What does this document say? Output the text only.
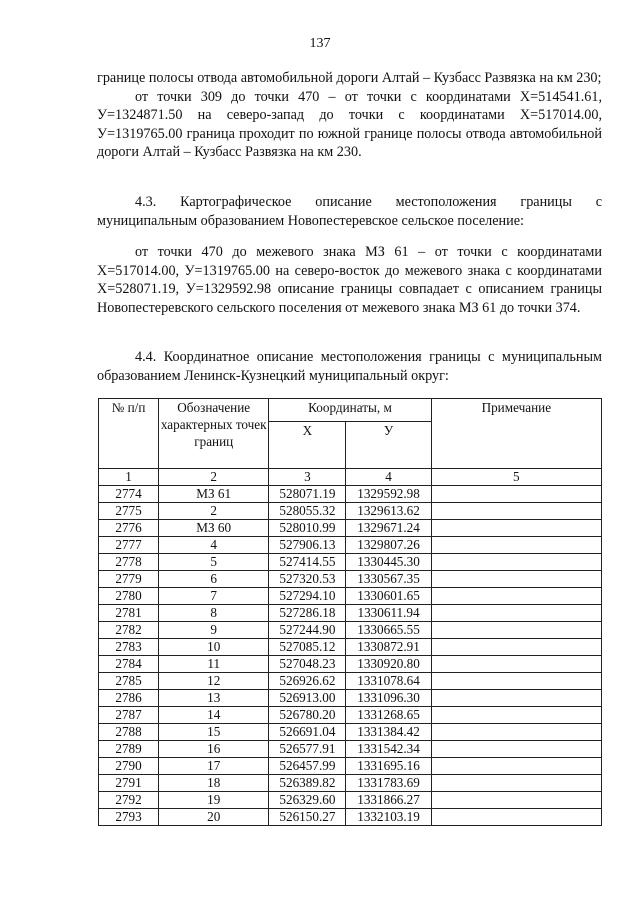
137

границе полосы отвода автомобильной дороги Алтай – Кузбасс Развязка на км 230;

от точки 309 до точки 470 – от точки с координатами X=514541.61, У=1324871.50 на северо-запад до точки с координатами X=517014.00, У=1319765.00 граница проходит по южной границе полосы отвода автомобильной дороги Алтай – Кузбасс Развязка на км 230.

4.3. Картографическое описание местоположения границы с муниципальным образованием Новопестеревское сельское поселение:

от точки 470 до межевого знака МЗ 61 – от точки с координатами X=517014.00, У=1319765.00 на северо-восток до межевого знака с координатами X=528071.19, У=1329592.98 описание границы совпадает с описанием границы Новопестеревского сельского поселения от межевого знака МЗ 61 до точки 374.

4.4. Координатное описание местоположения границы с муниципальным образованием Ленинск-Кузнецкий муниципальный округ:

№ п/п	Обозначение характерных точек границ	Координаты, м		Примечание
		X	У	
1	2	3	4	5
2774	МЗ 61	528071.19	1329592.98	
2775	2	528055.32	1329613.62	
2776	МЗ 60	528010.99	1329671.24	
2777	4	527906.13	1329807.26	
2778	5	527414.55	1330445.30	
2779	6	527320.53	1330567.35	
2780	7	527294.10	1330601.65	
2781	8	527286.18	1330611.94	
2782	9	527244.90	1330665.55	
2783	10	527085.12	1330872.91	
2784	11	527048.23	1330920.80	
2785	12	526926.62	1331078.64	
2786	13	526913.00	1331096.30	
2787	14	526780.20	1331268.65	
2788	15	526691.04	1331384.42	
2789	16	526577.91	1331542.34	
2790	17	526457.99	1331695.16	
2791	18	526389.82	1331783.69	
2792	19	526329.60	1331866.27	
2793	20	526150.27	1332103.19	
